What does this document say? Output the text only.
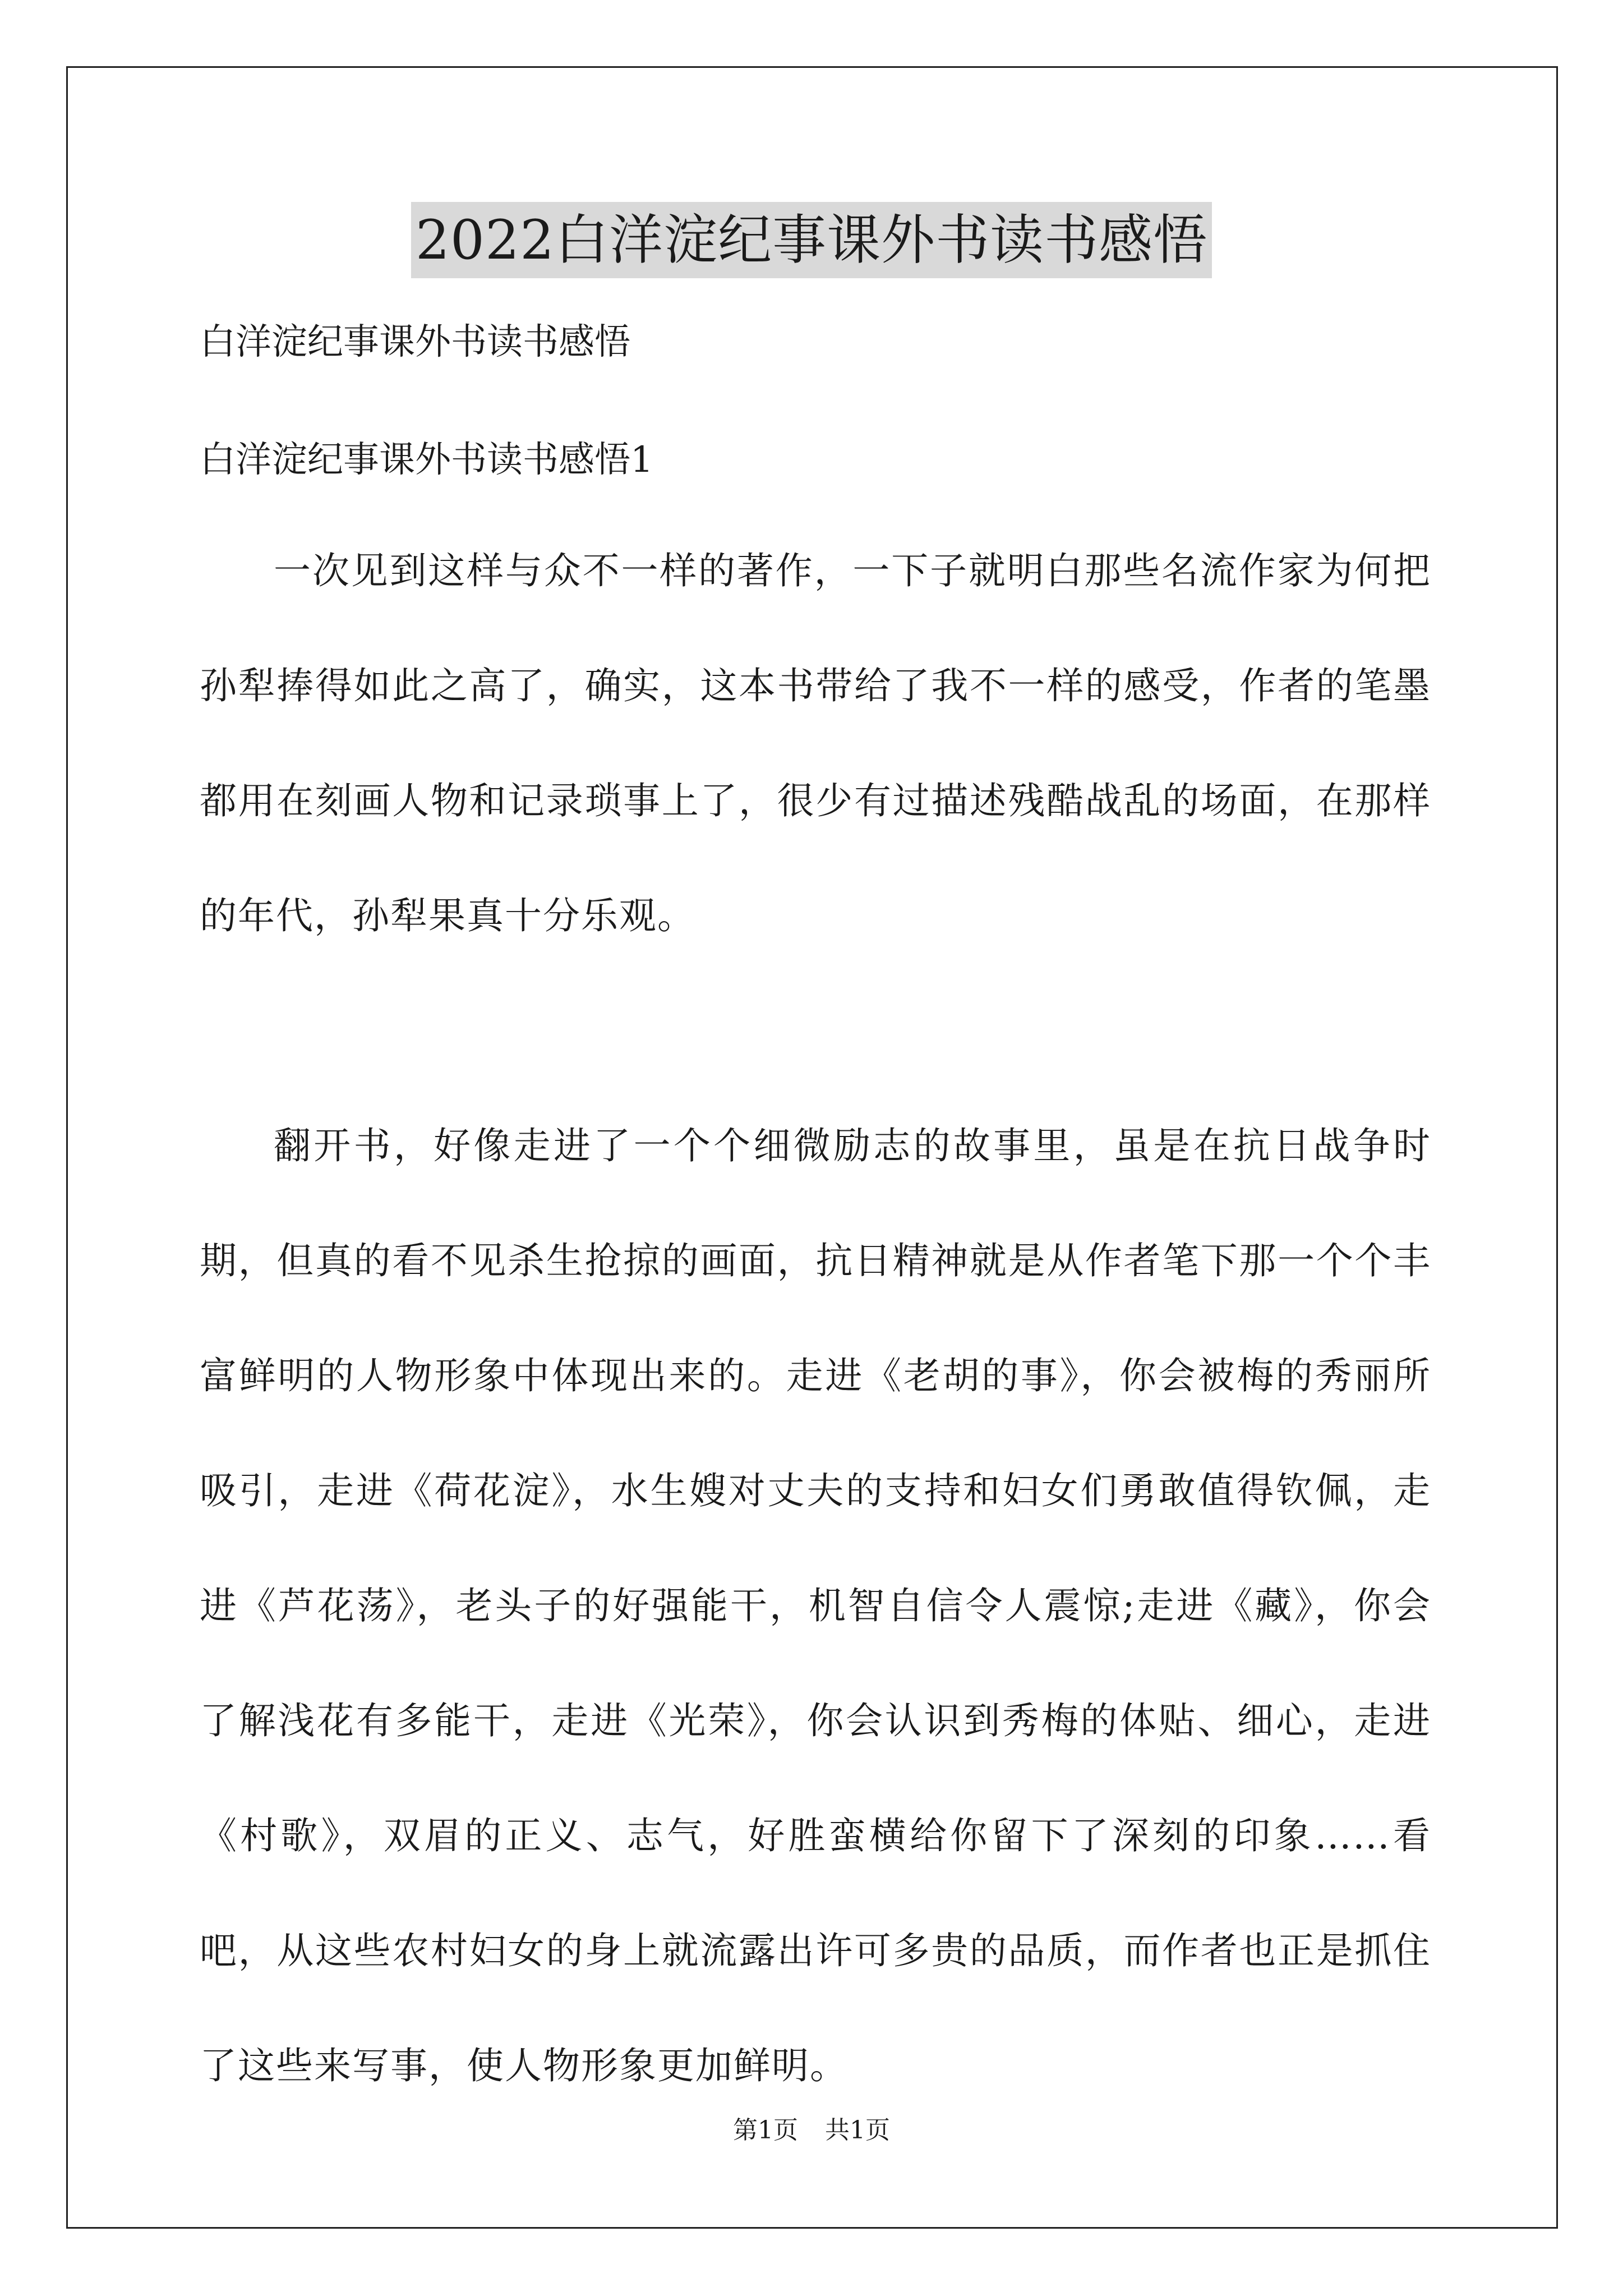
2022白洋淀纪事课外书读书感悟

白洋淀纪事课外书读书感悟

白洋淀纪事课外书读书感悟1

一次见到这样与众不一样的著作，一下子就明白那些名流作家为何把孙犁捧得如此之高了，确实，这本书带给了我不一样的感受，作者的笔墨都用在刻画人物和记录琐事上了，很少有过描述残酷战乱的场面，在那样的年代，孙犁果真十分乐观。

翻开书，好像走进了一个个细微励志的故事里，虽是在抗日战争时期，但真的看不见杀生抢掠的画面，抗日精神就是从作者笔下那一个个丰富鲜明的人物形象中体现出来的。走进《老胡的事》，你会被梅的秀丽所吸引，走进《荷花淀》，水生嫂对丈夫的支持和妇女们勇敢值得钦佩，走进《芦花荡》，老头子的好强能干，机智自信令人震惊;走进《藏》，你会了解浅花有多能干，走进《光荣》，你会认识到秀梅的体贴、细心，走进《村歌》，双眉的正义、志气，好胜蛮横给你留下了深刻的印象……看吧，从这些农村妇女的身上就流露出许可多贵的品质，而作者也正是抓住了这些来写事，使人物形象更加鲜明。

第1页 共1页
